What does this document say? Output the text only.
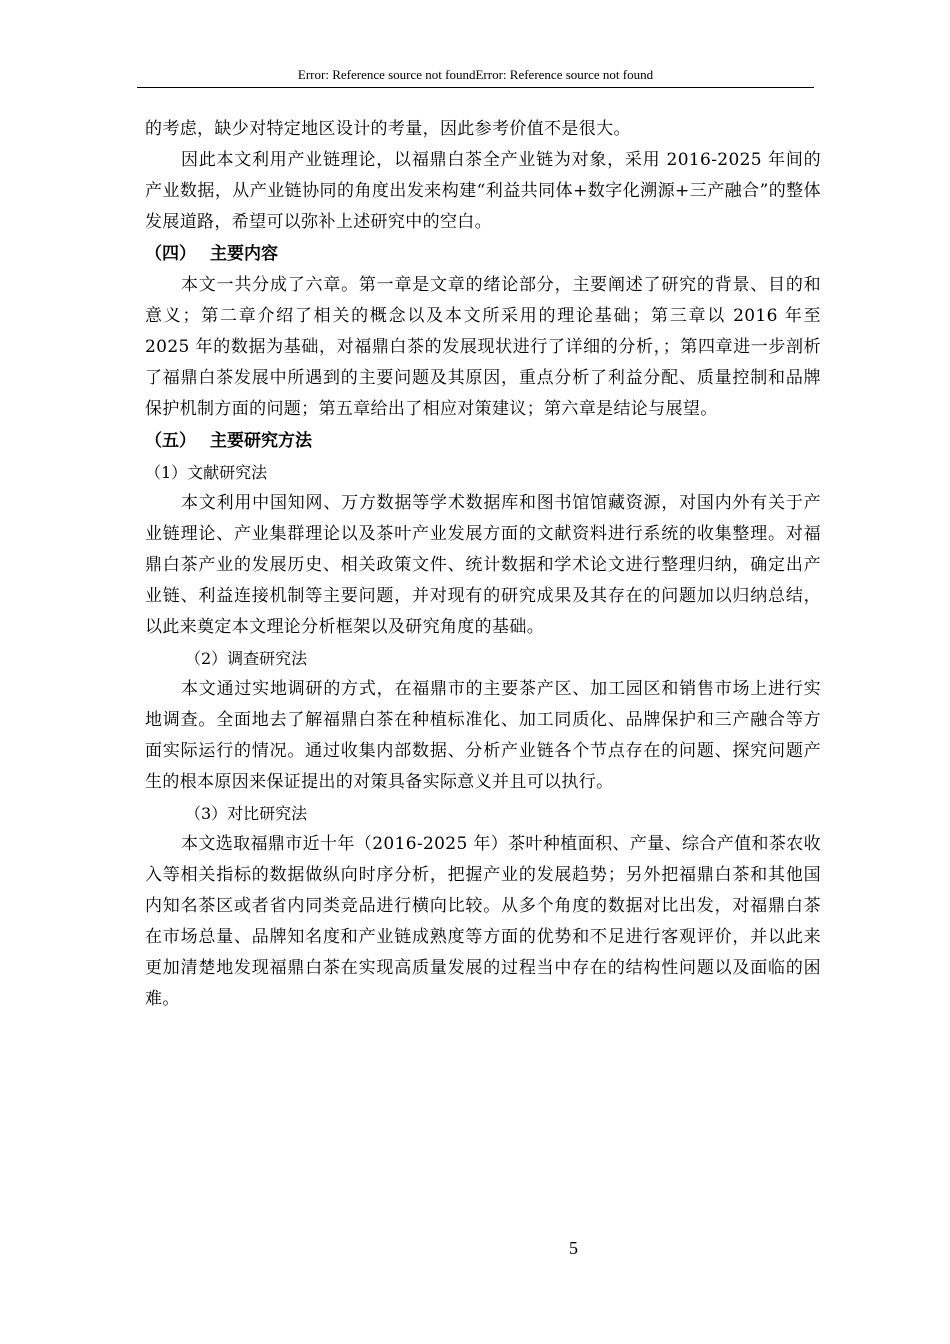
Error: Reference source not foundError: Reference source not found

的考虑，缺少对特定地区设计的考量，因此参考价值不是很大。

因此本文利用产业链理论，以福鼎白茶全产业链为对象，采用 2016-2025 年间的产业数据，从产业链协同的角度出发来构建“利益共同体+数字化溯源+三产融合”的整体发展道路，希望可以弥补上述研究中的空白。

（四） 主要内容

本文一共分成了六章。第一章是文章的绪论部分，主要阐述了研究的背景、目的和意义；第二章介绍了相关的概念以及本文所采用的理论基础；第三章以 2016 年至 2025 年的数据为基础，对福鼎白茶的发展现状进行了详细的分析，；第四章进一步剖析了福鼎白茶发展中所遇到的主要问题及其原因，重点分析了利益分配、质量控制和品牌保护机制方面的问题；第五章给出了相应对策建议；第六章是结论与展望。

（五） 主要研究方法

（1）文献研究法

本文利用中国知网、万方数据等学术数据库和图书馆馆藏资源，对国内外有关于产业链理论、产业集群理论以及茶叶产业发展方面的文献资料进行系统的收集整理。对福鼎白茶产业的发展历史、相关政策文件、统计数据和学术论文进行整理归纳，确定出产业链、利益连接机制等主要问题，并对现有的研究成果及其存在的问题加以归纳总结，以此来奠定本文理论分析框架以及研究角度的基础。

（2）调查研究法

本文通过实地调研的方式，在福鼎市的主要茶产区、加工园区和销售市场上进行实地调查。全面地去了解福鼎白茶在种植标准化、加工同质化、品牌保护和三产融合等方面实际运行的情况。通过收集内部数据、分析产业链各个节点存在的问题、探究问题产生的根本原因来保证提出的对策具备实际意义并且可以执行。

（3）对比研究法

本文选取福鼎市近十年（2016-2025 年）茶叶种植面积、产量、综合产值和茶农收入等相关指标的数据做纵向时序分析，把握产业的发展趋势；另外把福鼎白茶和其他国内知名茶区或者省内同类竞品进行横向比较。从多个角度的数据对比出发，对福鼎白茶在市场总量、品牌知名度和产业链成熟度等方面的优势和不足进行客观评价，并以此来更加清楚地发现福鼎白茶在实现高质量发展的过程当中存在的结构性问题以及面临的困难。

5
